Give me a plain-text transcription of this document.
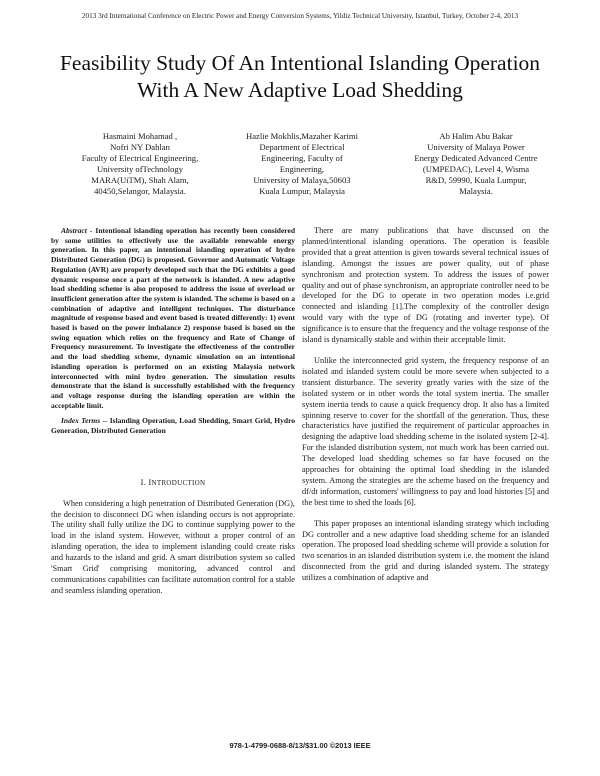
2013 3rd International Conference on Electric Power and Energy Conversion Systems, Yildiz Technical University, Istanbul, Turkey, October 2-4, 2013
Feasibility Study Of An Intentional Islanding Operation
With A New Adaptive Load Shedding
Hasmaini Mohamad ,
Nofri NY Dahlan
Faculty of Electrical Engineering,
University ofTechnology
MARA(UiTM), Shah Alam,
40450,Selangor, Malaysia.
Hazlie Mokhlis,Mazaher Karimi
Department of Electrical
Engineering, Faculty of
Engineering,
University of Malaya,50603
Kuala Lumpur, Malaysia
Ab Halim Abu Bakar
University of Malaya Power
Energy Dedicated Advanced Centre
(UMPEDAC), Level 4, Wisma
R&D, 59990, Kuala Lumpur,
Malaysia.

Abstract - Intentional islanding operation has recently been considered by some utilities to effectively use the available renewable energy generation. In this paper, an intentional islanding operation of hydro Distributed Generation (DG) is proposed. Governor and Automatic Voltage Regulation (AVR) are properly developed such that the DG exhibits a good dynamic response once a part of the network is islanded. A new adaptive load shedding scheme is also proposed to address the issue of overload or insufficient generation after the system is islanded. The scheme is based on a combination of adaptive and intelligent techniques. The disturbance magnitude of response based and event based is treated differently: 1) event based is based on the power imbalance 2) response based is based on the swing equation which relies on the frequency and Rate of Change of Frequency measurement. To investigate the effectiveness of the controller and the load shedding scheme, dynamic simulation on an intentional islanding operation is performed on an existing Malaysia network interconnected with mini hydro generation. The simulation results demonstrate that the island is successfully established with the frequency and voltage response during the islanding operation are within the acceptable limit.

Index Terms -- Islanding Operation, Load Shedding, Smart Grid, Hydro Generation, Distributed Generation

I. INTRODUCTION

When considering a high penetration of Distributed Generation (DG), the decision to disconnect DG when islanding occurs is not appropriate. The utility shall fully utilize the DG to continue supplying power to the load in the island system. However, without a proper control of an islanding operation, the idea to implement islanding could create risks and hazards to the island and grid. A smart distribution system so called 'Smart Grid' comprising monitoring, advanced control and communications capabilities can facilitate automation control for a stable and seamless islanding operation.

There are many publications that have discussed on the planned/intentional islanding operations. The operation is feasible provided that a great attention is given towards several technical issues of islanding. Amongst the issues are power quality, out of phase synchronism and protection system. To address the issues of power quality and out of phase synchronism, an appropriate controller need to be developed for the DG to operate in two operation modes i.e.grid connected and islanding [1].The complexity of the controller design would vary with the type of DG (rotating and inverter type). Of significance is to ensure that the frequency and the voltage response of the island is dynamically stable and within their acceptable limit.

Unlike the interconnected grid system, the frequency response of an isolated and islanded system could be more severe when subjected to a transient disturbance. The severity greatly varies with the size of the isolated system or in other words the total system inertia. The smaller system inertia tends to cause a quick frequency drop. It also has a limited spinning reserve to cover for the shortfall of the generation. Thus, these characteristics have justified the requirement of particular approaches in designing the adaptive load shedding scheme in the isolated system [2-4]. For the islanded distribution system, not much work has been carried out. The developed load shedding schemes so far have focused on the approaches for obtaining the optimal load shedding in the islanded system. Among the strategies are the scheme based on the frequency and df/dt information, customers' willingness to pay and load histories [5] and the best time to shed the loads [6].

This paper proposes an intentional islanding strategy which including DG controller and a new adaptive load shedding scheme for an islanded operation. The proposed load shedding scheme will provide a solution for two scenarios in an islanded distribution system i.e. the moment the island disconnected from the grid and during islanded system. The strategy utilizes a combination of adaptive and

978-1-4799-0688-8/13/$31.00 ©2013 IEEE
